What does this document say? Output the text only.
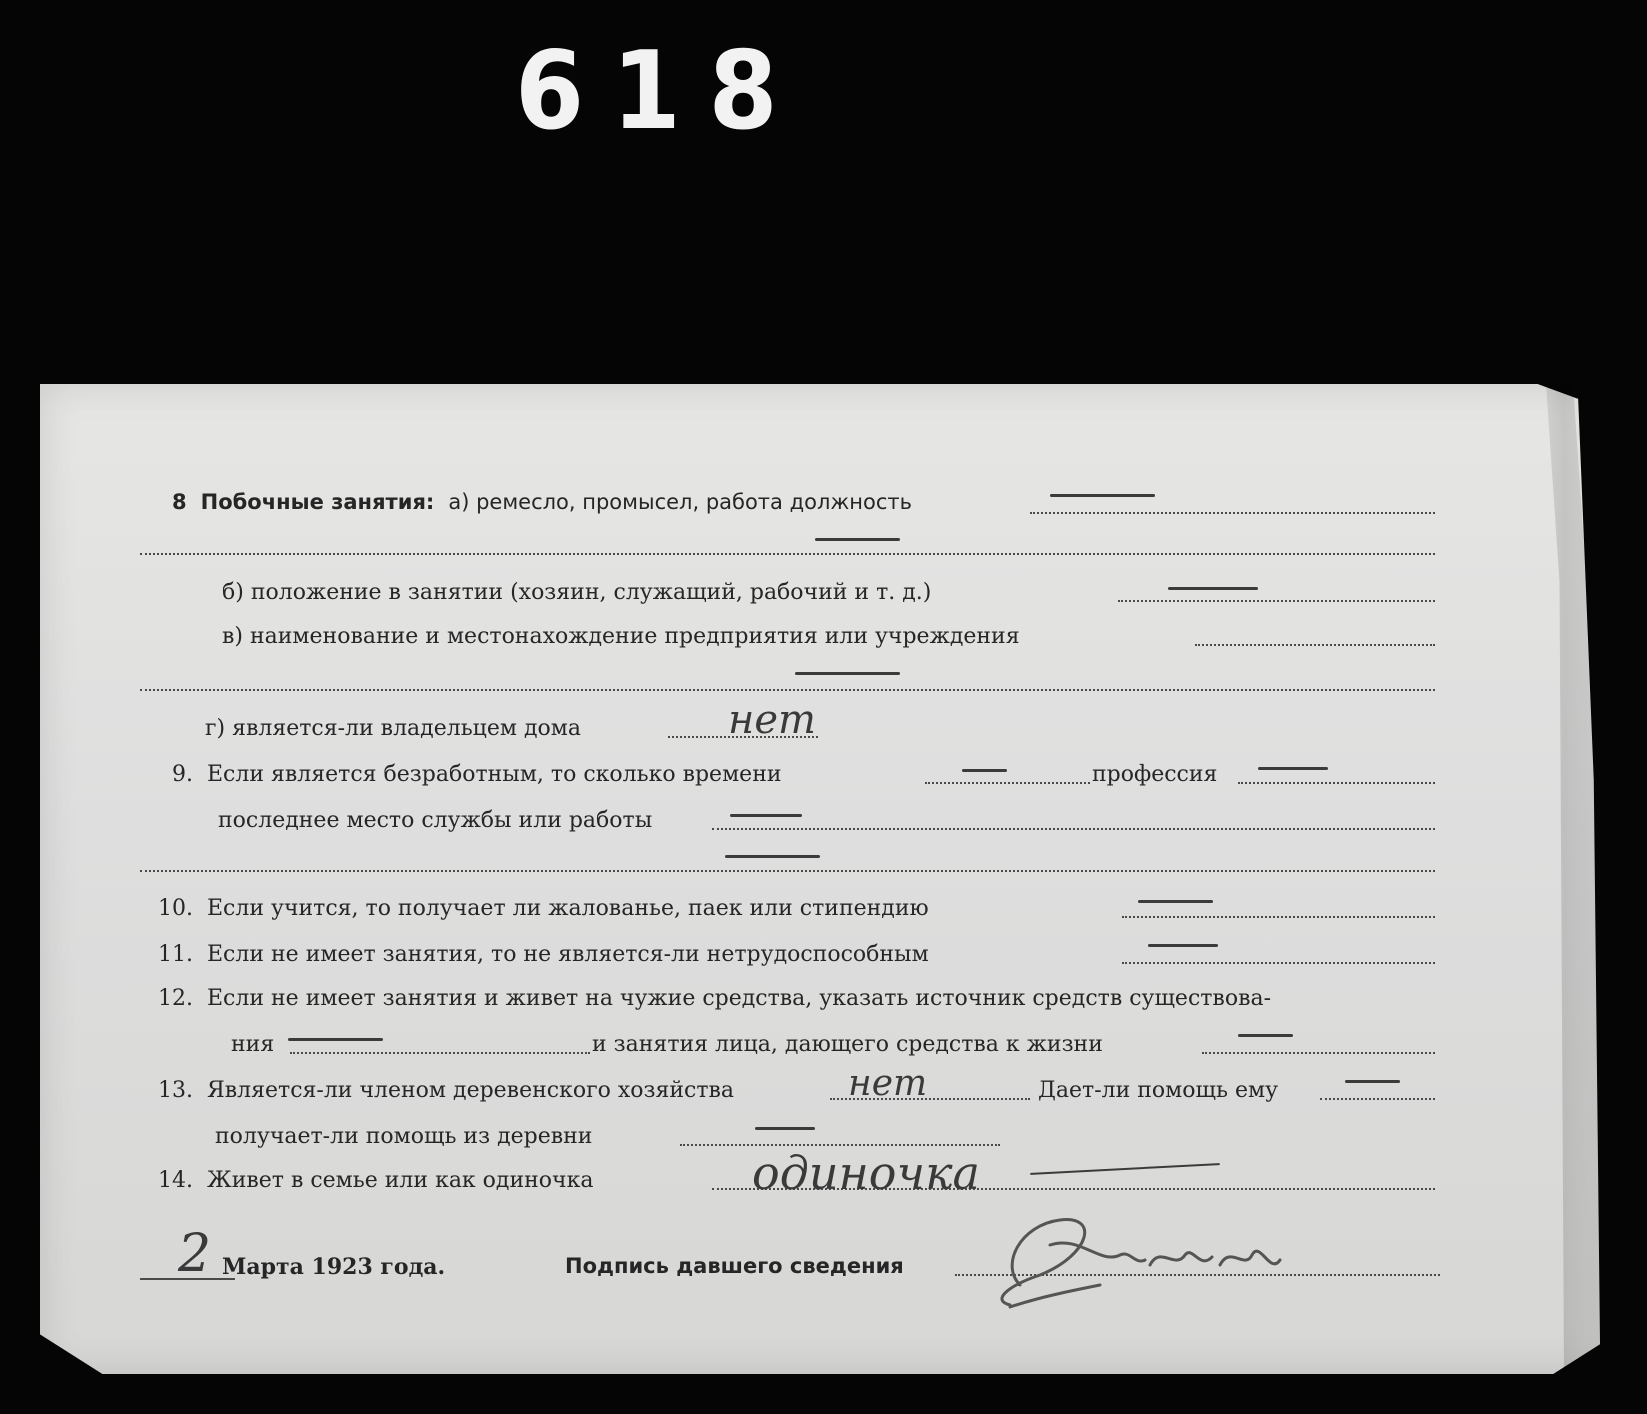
618
8 Побочные занятия: а) ремесло, промысел, работа должность
б) положение в занятии (хозяин, служащий, рабочий и т. д.)
в) наименование и местонахождение предприятия или учреждения
г) является-ли владельцем дома	нет
9. Если является безработным, то сколько времени	профессия
последнее место службы или работы
10. Если учится, то получает ли жалованье, паек или стипендию
11. Если не имеет занятия, то не является-ли нетрудоспособным
12. Если не имеет занятия и живет на чужие средства, указать источник средств существова-
ния	и занятия лица, дающего средства к жизни
13. Является-ли членом деревенского хозяйства	нет	Дает-ли помощь ему
получает-ли помощь из деревни
14. Живет в семье или как одиночка	одиночка
2 Марта 1923 года.	Подпись давшего сведения
